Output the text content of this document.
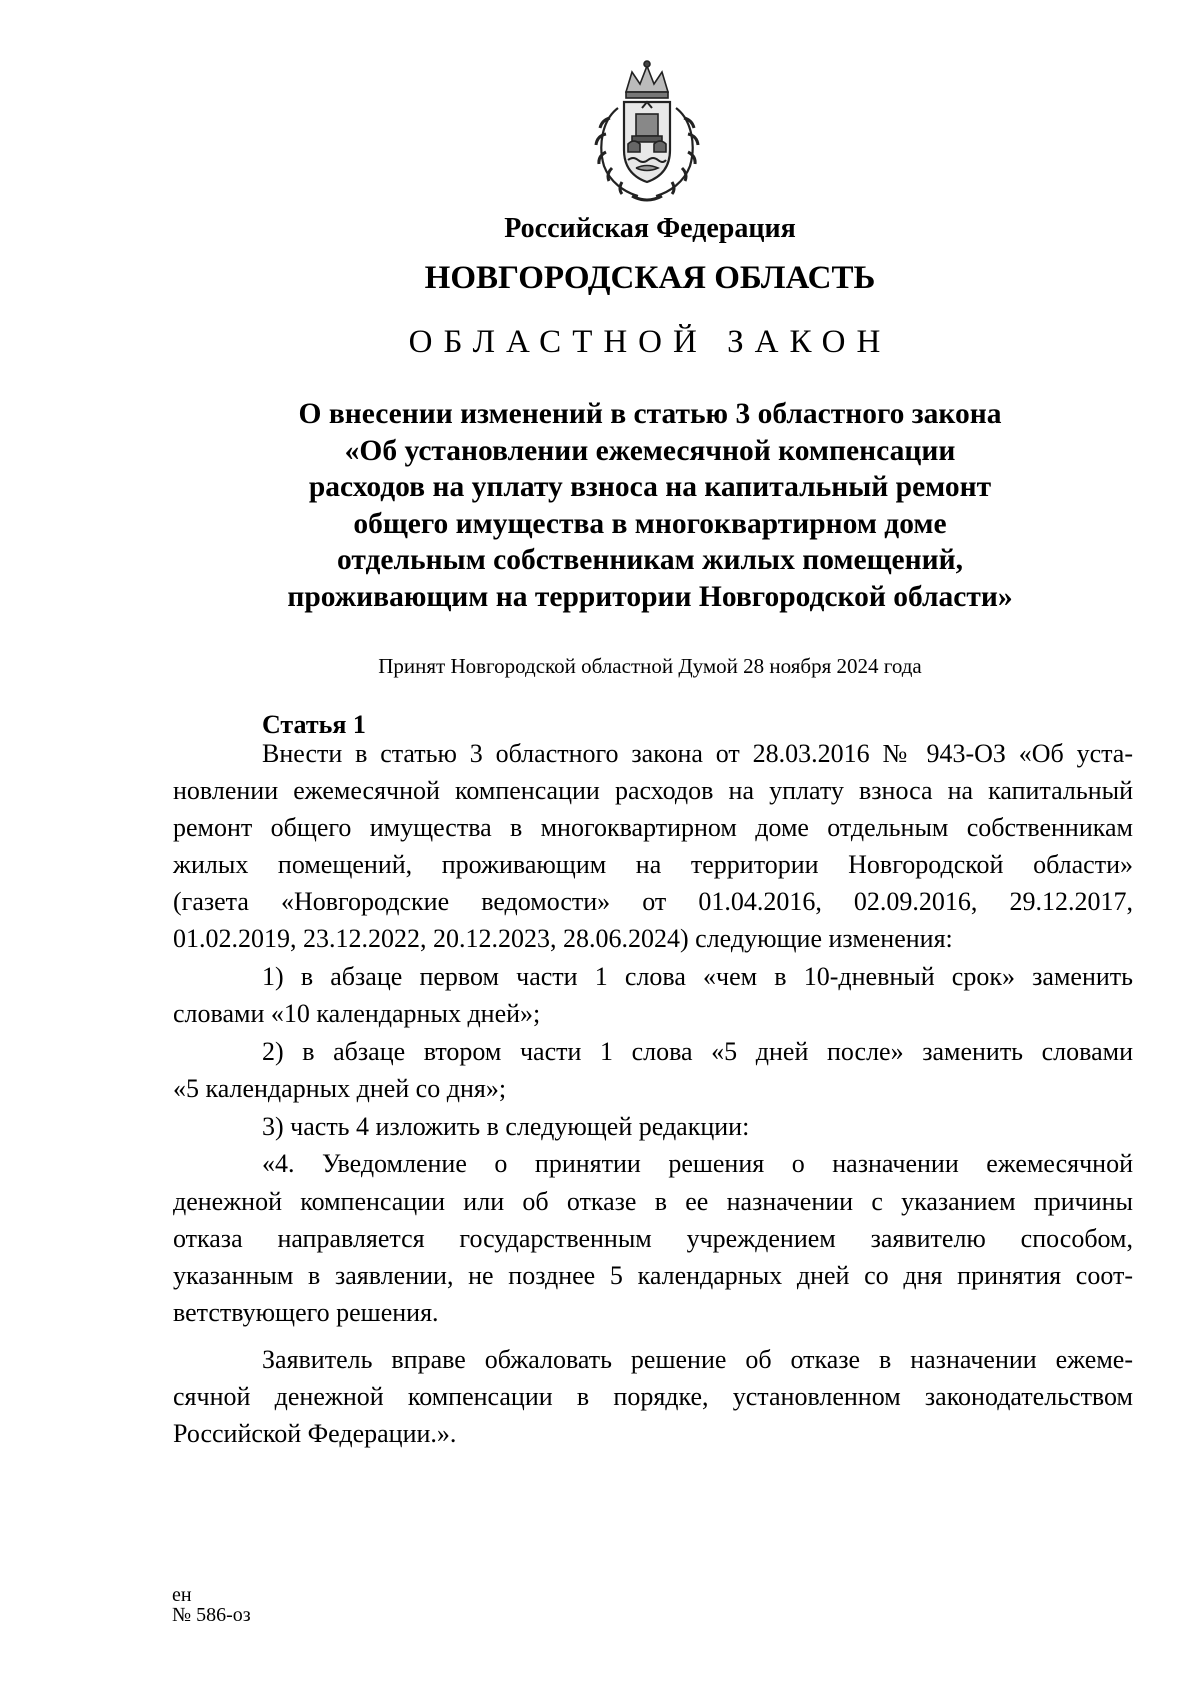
Российская Федерация
НОВГОРОДСКАЯ ОБЛАСТЬ
ОБЛАСТНОЙ ЗАКОН
О внесении изменений в статью 3 областного закона
«Об установлении ежемесячной компенсации
расходов на уплату взноса на капитальный ремонт
общего имущества в многоквартирном доме
отдельным собственникам жилых помещений,
проживающим на территории Новгородской области»
Принят Новгородской областной Думой 28 ноября 2024 года
Статья 1
Внести в статью 3 областного закона от 28.03.2016 № 943-ОЗ «Об уста-
новлении ежемесячной компенсации расходов на уплату взноса на капитальный
ремонт общего имущества в многоквартирном доме отдельным собственникам
жилых помещений, проживающим на территории Новгородской области»
(газета «Новгородские ведомости» от 01.04.2016, 02.09.2016, 29.12.2017,
01.02.2019, 23.12.2022, 20.12.2023, 28.06.2024) следующие изменения:
1) в абзаце первом части 1 слова «чем в 10-дневный срок» заменить
словами «10 календарных дней»;
2) в абзаце втором части 1 слова «5 дней после» заменить словами
«5 календарных дней со дня»;
3) часть 4 изложить в следующей редакции:
«4. Уведомление о принятии решения о назначении ежемесячной
денежной компенсации или об отказе в ее назначении с указанием причины
отказа направляется государственным учреждением заявителю способом,
указанным в заявлении, не позднее 5 календарных дней со дня принятия соот-
ветствующего решения.
Заявитель вправе обжаловать решение об отказе в назначении ежеме-
сячной денежной компенсации в порядке, установленном законодательством
Российской Федерации.».
ен
№ 586-оз
